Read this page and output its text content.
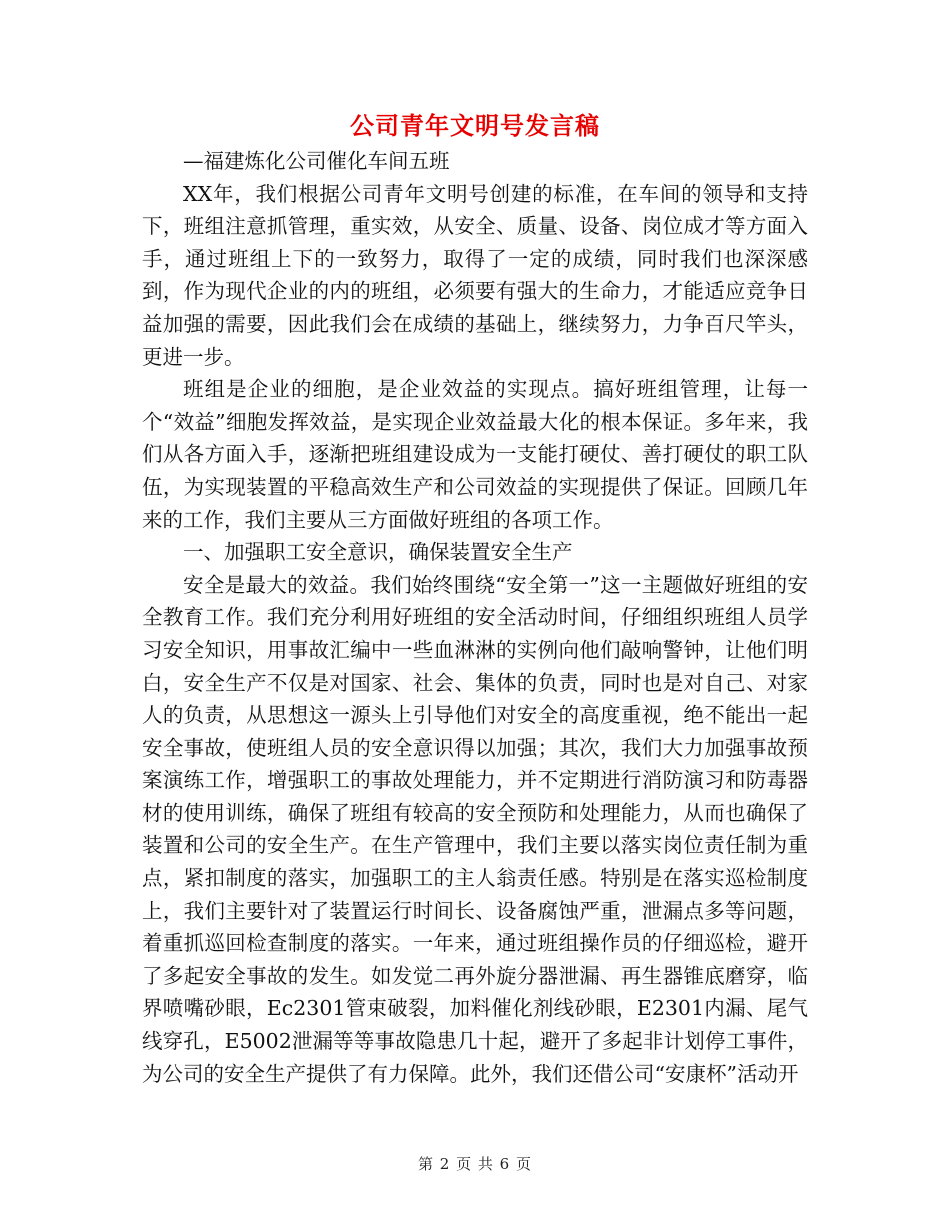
公司青年文明号发言稿

—福建炼化公司催化车间五班

XX年，我们根据公司青年文明号创建的标准，在车间的领导和支持下，班组注意抓管理，重实效，从安全、质量、设备、岗位成才等方面入手，通过班组上下的一致努力，取得了一定的成绩，同时我们也深深感到，作为现代企业的内的班组，必须要有强大的生命力，才能适应竞争日益加强的需要，因此我们会在成绩的基础上，继续努力，力争百尺竿头，更进一步。

班组是企业的细胞，是企业效益的实现点。搞好班组管理，让每一个“效益”细胞发挥效益，是实现企业效益最大化的根本保证。多年来，我们从各方面入手，逐渐把班组建设成为一支能打硬仗、善打硬仗的职工队伍，为实现装置的平稳高效生产和公司效益的实现提供了保证。回顾几年来的工作，我们主要从三方面做好班组的各项工作。

一、加强职工安全意识，确保装置安全生产

安全是最大的效益。我们始终围绕“安全第一”这一主题做好班组的安全教育工作。我们充分利用好班组的安全活动时间，仔细组织班组人员学习安全知识，用事故汇编中一些血淋淋的实例向他们敲响警钟，让他们明白，安全生产不仅是对国家、社会、集体的负责，同时也是对自己、对家人的负责，从思想这一源头上引导他们对安全的高度重视，绝不能出一起安全事故，使班组人员的安全意识得以加强；其次，我们大力加强事故预案演练工作，增强职工的事故处理能力，并不定期进行消防演习和防毒器材的使用训练，确保了班组有较高的安全预防和处理能力，从而也确保了装置和公司的安全生产。在生产管理中，我们主要以落实岗位责任制为重点，紧扣制度的落实，加强职工的主人翁责任感。特别是在落实巡检制度上，我们主要针对了装置运行时间长、设备腐蚀严重，泄漏点多等问题，着重抓巡回检查制度的落实。一年来，通过班组操作员的仔细巡检，避开了多起安全事故的发生。如发觉二再外旋分器泄漏、再生器锥底磨穿，临界喷嘴砂眼，Ec2301管束破裂，加料催化剂线砂眼，E2301内漏、尾气线穿孔，E5002泄漏等等事故隐患几十起，避开了多起非计划停工事件，为公司的安全生产提供了有力保障。此外，我们还借公司“安康杯”活动开

第 2 页 共 6 页
